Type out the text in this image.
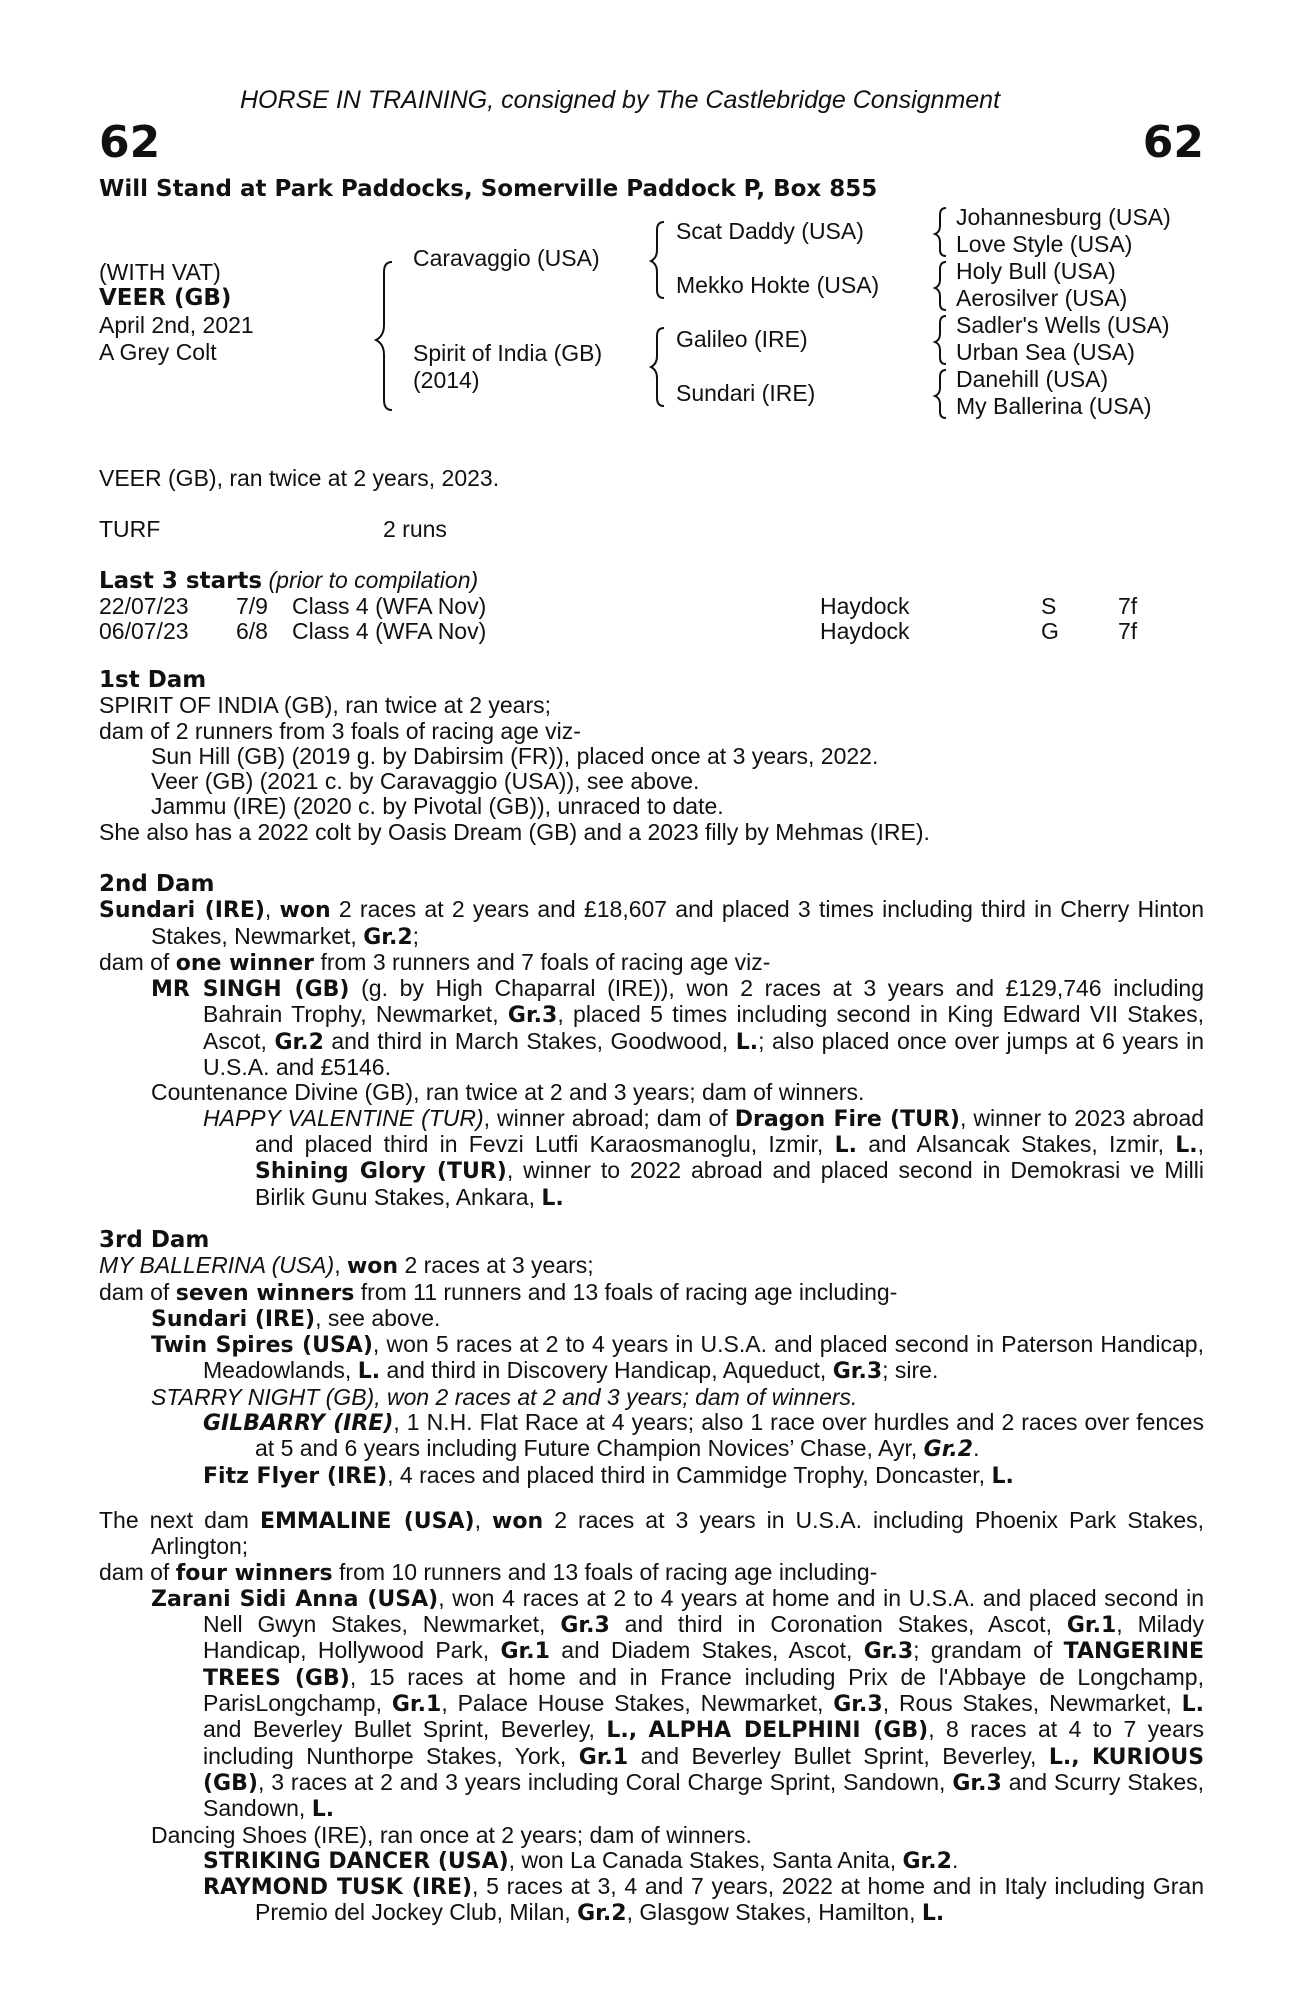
HORSE IN TRAINING, consigned by The Castlebridge Consignment
62	62
Will Stand at Park Paddocks, Somerville Paddock P, Box 855
(WITH VAT)
VEER (GB)
April 2nd, 2021
A Grey Colt
Caravaggio (USA)
Spirit of India (GB)
(2014)
Scat Daddy (USA)
Mekko Hokte (USA)
Galileo (IRE)
Sundari (IRE)
Johannesburg (USA)
Love Style (USA)
Holy Bull (USA)
Aerosilver (USA)
Sadler's Wells (USA)
Urban Sea (USA)
Danehill (USA)
My Ballerina (USA)
VEER (GB), ran twice at 2 years, 2023.
TURF	2 runs
Last 3 starts (prior to compilation)
22/07/23 7/9 Class 4 (WFA Nov)	Haydock	S	7f
06/07/23 6/8 Class 4 (WFA Nov)	Haydock	G	7f

1st Dam

SPIRIT OF INDIA (GB), ran twice at 2 years;

dam of 2 runners from 3 foals of racing age viz-

Sun Hill (GB) (2019 g. by Dabirsim (FR)), placed once at 3 years, 2022.

Veer (GB) (2021 c. by Caravaggio (USA)), see above.

Jammu (IRE) (2020 c. by Pivotal (GB)), unraced to date.

She also has a 2022 colt by Oasis Dream (GB) and a 2023 filly by Mehmas (IRE).

2nd Dam

Sundari (IRE), won 2 races at 2 years and £18,607 and placed 3 times including third in Cherry Hinton Stakes, Newmarket, Gr.2;

dam of one winner from 3 runners and 7 foals of racing age viz-

MR SINGH (GB) (g. by High Chaparral (IRE)), won 2 races at 3 years and £129,746 including Bahrain Trophy, Newmarket, Gr.3, placed 5 times including second in King Edward VII Stakes, Ascot, Gr.2 and third in March Stakes, Goodwood, L.; also placed once over jumps at 6 years in U.S.A. and £5146.

Countenance Divine (GB), ran twice at 2 and 3 years; dam of winners.

HAPPY VALENTINE (TUR), winner abroad; dam of Dragon Fire (TUR), winner to 2023 abroad and placed third in Fevzi Lutfi Karaosmanoglu, Izmir, L. and Alsancak Stakes, Izmir, L., Shining Glory (TUR), winner to 2022 abroad and placed second in Demokrasi ve Milli Birlik Gunu Stakes, Ankara, L.

3rd Dam

MY BALLERINA (USA), won 2 races at 3 years;

dam of seven winners from 11 runners and 13 foals of racing age including-

Sundari (IRE), see above.

Twin Spires (USA), won 5 races at 2 to 4 years in U.S.A. and placed second in Paterson Handicap, Meadowlands, L. and third in Discovery Handicap, Aqueduct, Gr.3; sire.

STARRY NIGHT (GB), won 2 races at 2 and 3 years; dam of winners.

GILBARRY (IRE), 1 N.H. Flat Race at 4 years; also 1 race over hurdles and 2 races over fences at 5 and 6 years including Future Champion Novices’ Chase, Ayr, Gr.2.

Fitz Flyer (IRE), 4 races and placed third in Cammidge Trophy, Doncaster, L.

The next dam EMMALINE (USA), won 2 races at 3 years in U.S.A. including Phoenix Park Stakes, Arlington;

dam of four winners from 10 runners and 13 foals of racing age including-

Zarani Sidi Anna (USA), won 4 races at 2 to 4 years at home and in U.S.A. and placed second in Nell Gwyn Stakes, Newmarket, Gr.3 and third in Coronation Stakes, Ascot, Gr.1, Milady Handicap, Hollywood Park, Gr.1 and Diadem Stakes, Ascot, Gr.3; grandam of TANGERINE TREES (GB), 15 races at home and in France including Prix de l'Abbaye de Longchamp, ParisLongchamp, Gr.1, Palace House Stakes, Newmarket, Gr.3, Rous Stakes, Newmarket, L. and Beverley Bullet Sprint, Beverley, L., ALPHA DELPHINI (GB), 8 races at 4 to 7 years including Nunthorpe Stakes, York, Gr.1 and Beverley Bullet Sprint, Beverley, L., KURIOUS (GB), 3 races at 2 and 3 years including Coral Charge Sprint, Sandown, Gr.3 and Scurry Stakes, Sandown, L.

Dancing Shoes (IRE), ran once at 2 years; dam of winners.

STRIKING DANCER (USA), won La Canada Stakes, Santa Anita, Gr.2.

RAYMOND TUSK (IRE), 5 races at 3, 4 and 7 years, 2022 at home and in Italy including Gran Premio del Jockey Club, Milan, Gr.2, Glasgow Stakes, Hamilton, L.
